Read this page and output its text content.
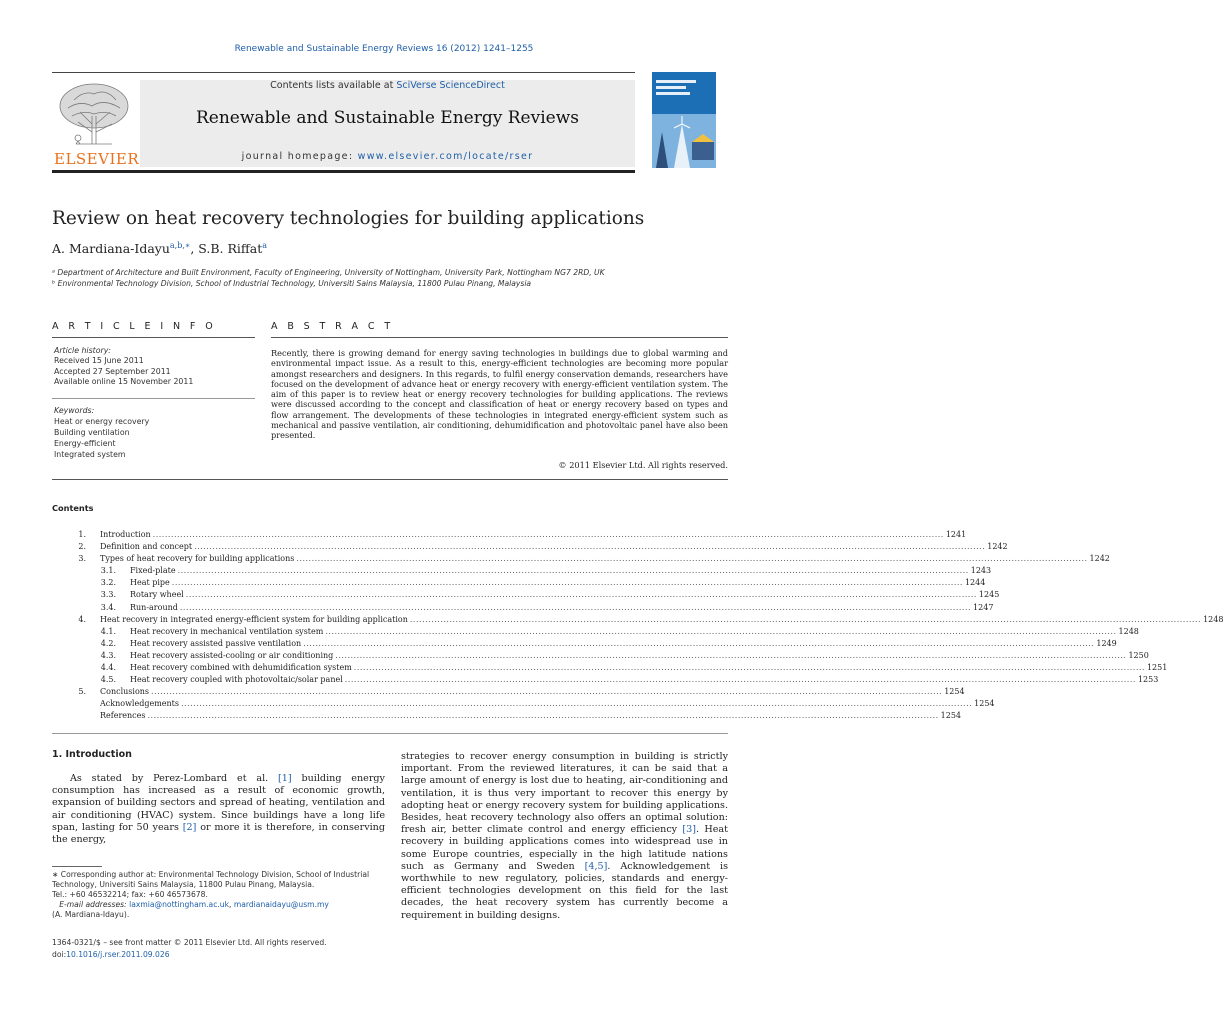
Renewable and Sustainable Energy Reviews 16 (2012) 1241–1255
ELSEVIER
Contents lists available at SciVerse ScienceDirect
Renewable and Sustainable Energy Reviews
journal homepage: www.elsevier.com/locate/rser
Review on heat recovery technologies for building applications
A. Mardiana-Idayu$^{a,b,∗}$, S.B. Riffat$^a$
ᵃ Department of Architecture and Built Environment, Faculty of Engineering, University of Nottingham, University Park, Nottingham NG7 2RD, UK
ᵇ Environmental Technology Division, School of Industrial Technology, Universiti Sains Malaysia, 11800 Pulau Pinang, Malaysia
A R T I C L E I N F O
Article history:
Received 15 June 2011
Accepted 27 September 2011
Available online 15 November 2011
Keywords:
Heat or energy recovery
Building ventilation
Energy-efficient
Integrated system
A B S T R A C T
Recently, there is growing demand for energy saving technologies in buildings due to global warming and environmental impact issue. As a result to this, energy-efficient technologies are becoming more popular amongst researchers and designers. In this regards, to fulfil energy conservation demands, researchers have focused on the development of advance heat or energy recovery with energy-efficient ventilation system. The aim of this paper is to review heat or energy recovery technologies for building applications. The reviews were discussed according to the concept and classification of heat or energy recovery based on types and flow arrangement. The developments of these technologies in integrated energy-efficient system such as mechanical and passive ventilation, air conditioning, dehumidification and photovoltaic panel have also been presented.
© 2011 Elsevier Ltd. All rights reserved.
Contents
1. Introduction .................................................................................................................................................................................................................................................................... 1241
2. Definition and concept .................................................................................................................................................................................................................................................................... 1242
3. Types of heat recovery for building applications .................................................................................................................................................................................................................................................................... 1242
3.1. Fixed-plate .................................................................................................................................................................................................................................................................... 1243
3.2. Heat pipe .................................................................................................................................................................................................................................................................... 1244
3.3. Rotary wheel .................................................................................................................................................................................................................................................................... 1245
3.4. Run-around .................................................................................................................................................................................................................................................................... 1247
4. Heat recovery in integrated energy-efficient system for building application .................................................................................................................................................................................................................................................................... 1248
4.1. Heat recovery in mechanical ventilation system .................................................................................................................................................................................................................................................................... 1248
4.2. Heat recovery assisted passive ventilation .................................................................................................................................................................................................................................................................... 1249
4.3. Heat recovery assisted-cooling or air conditioning .................................................................................................................................................................................................................................................................... 1250
4.4. Heat recovery combined with dehumidification system .................................................................................................................................................................................................................................................................... 1251
4.5. Heat recovery coupled with photovoltaic/solar panel .................................................................................................................................................................................................................................................................... 1253
5. Conclusions .................................................................................................................................................................................................................................................................... 1254
Acknowledgements .................................................................................................................................................................................................................................................................... 1254
References .................................................................................................................................................................................................................................................................... 1254
1. Introduction
As stated by Perez-Lombard et al. [1] building energy consumption has increased as a result of economic growth, expansion of building sectors and spread of heating, ventilation and air conditioning (HVAC) system. Since buildings have a long life span, lasting for 50 years [2] or more it is therefore, in conserving the energy,
strategies to recover energy consumption in building is strictly important. From the reviewed literatures, it can be said that a large amount of energy is lost due to heating, air-conditioning and ventilation, it is thus very important to recover this energy by adopting heat or energy recovery system for building applications. Besides, heat recovery technology also offers an optimal solution: fresh air, better climate control and energy efficiency [3]. Heat recovery in building applications comes into widespread use in some Europe countries, especially in the high latitude nations such as Germany and Sweden [4,5]. Acknowledgement is worthwhile to new regulatory, policies, standards and energy-efficient technologies development on this field for the last decades, the heat recovery system has currently become a requirement in building designs.
∗ Corresponding author at: Environmental Technology Division, School of Industrial Technology, Universiti Sains Malaysia, 11800 Pulau Pinang, Malaysia.
Tel.: +60 46532214; fax: +60 46573678.
E-mail addresses: laxmia@nottingham.ac.uk, mardianaidayu@usm.my
(A. Mardiana-Idayu).
1364-0321/$ – see front matter © 2011 Elsevier Ltd. All rights reserved.
doi:10.1016/j.rser.2011.09.026
